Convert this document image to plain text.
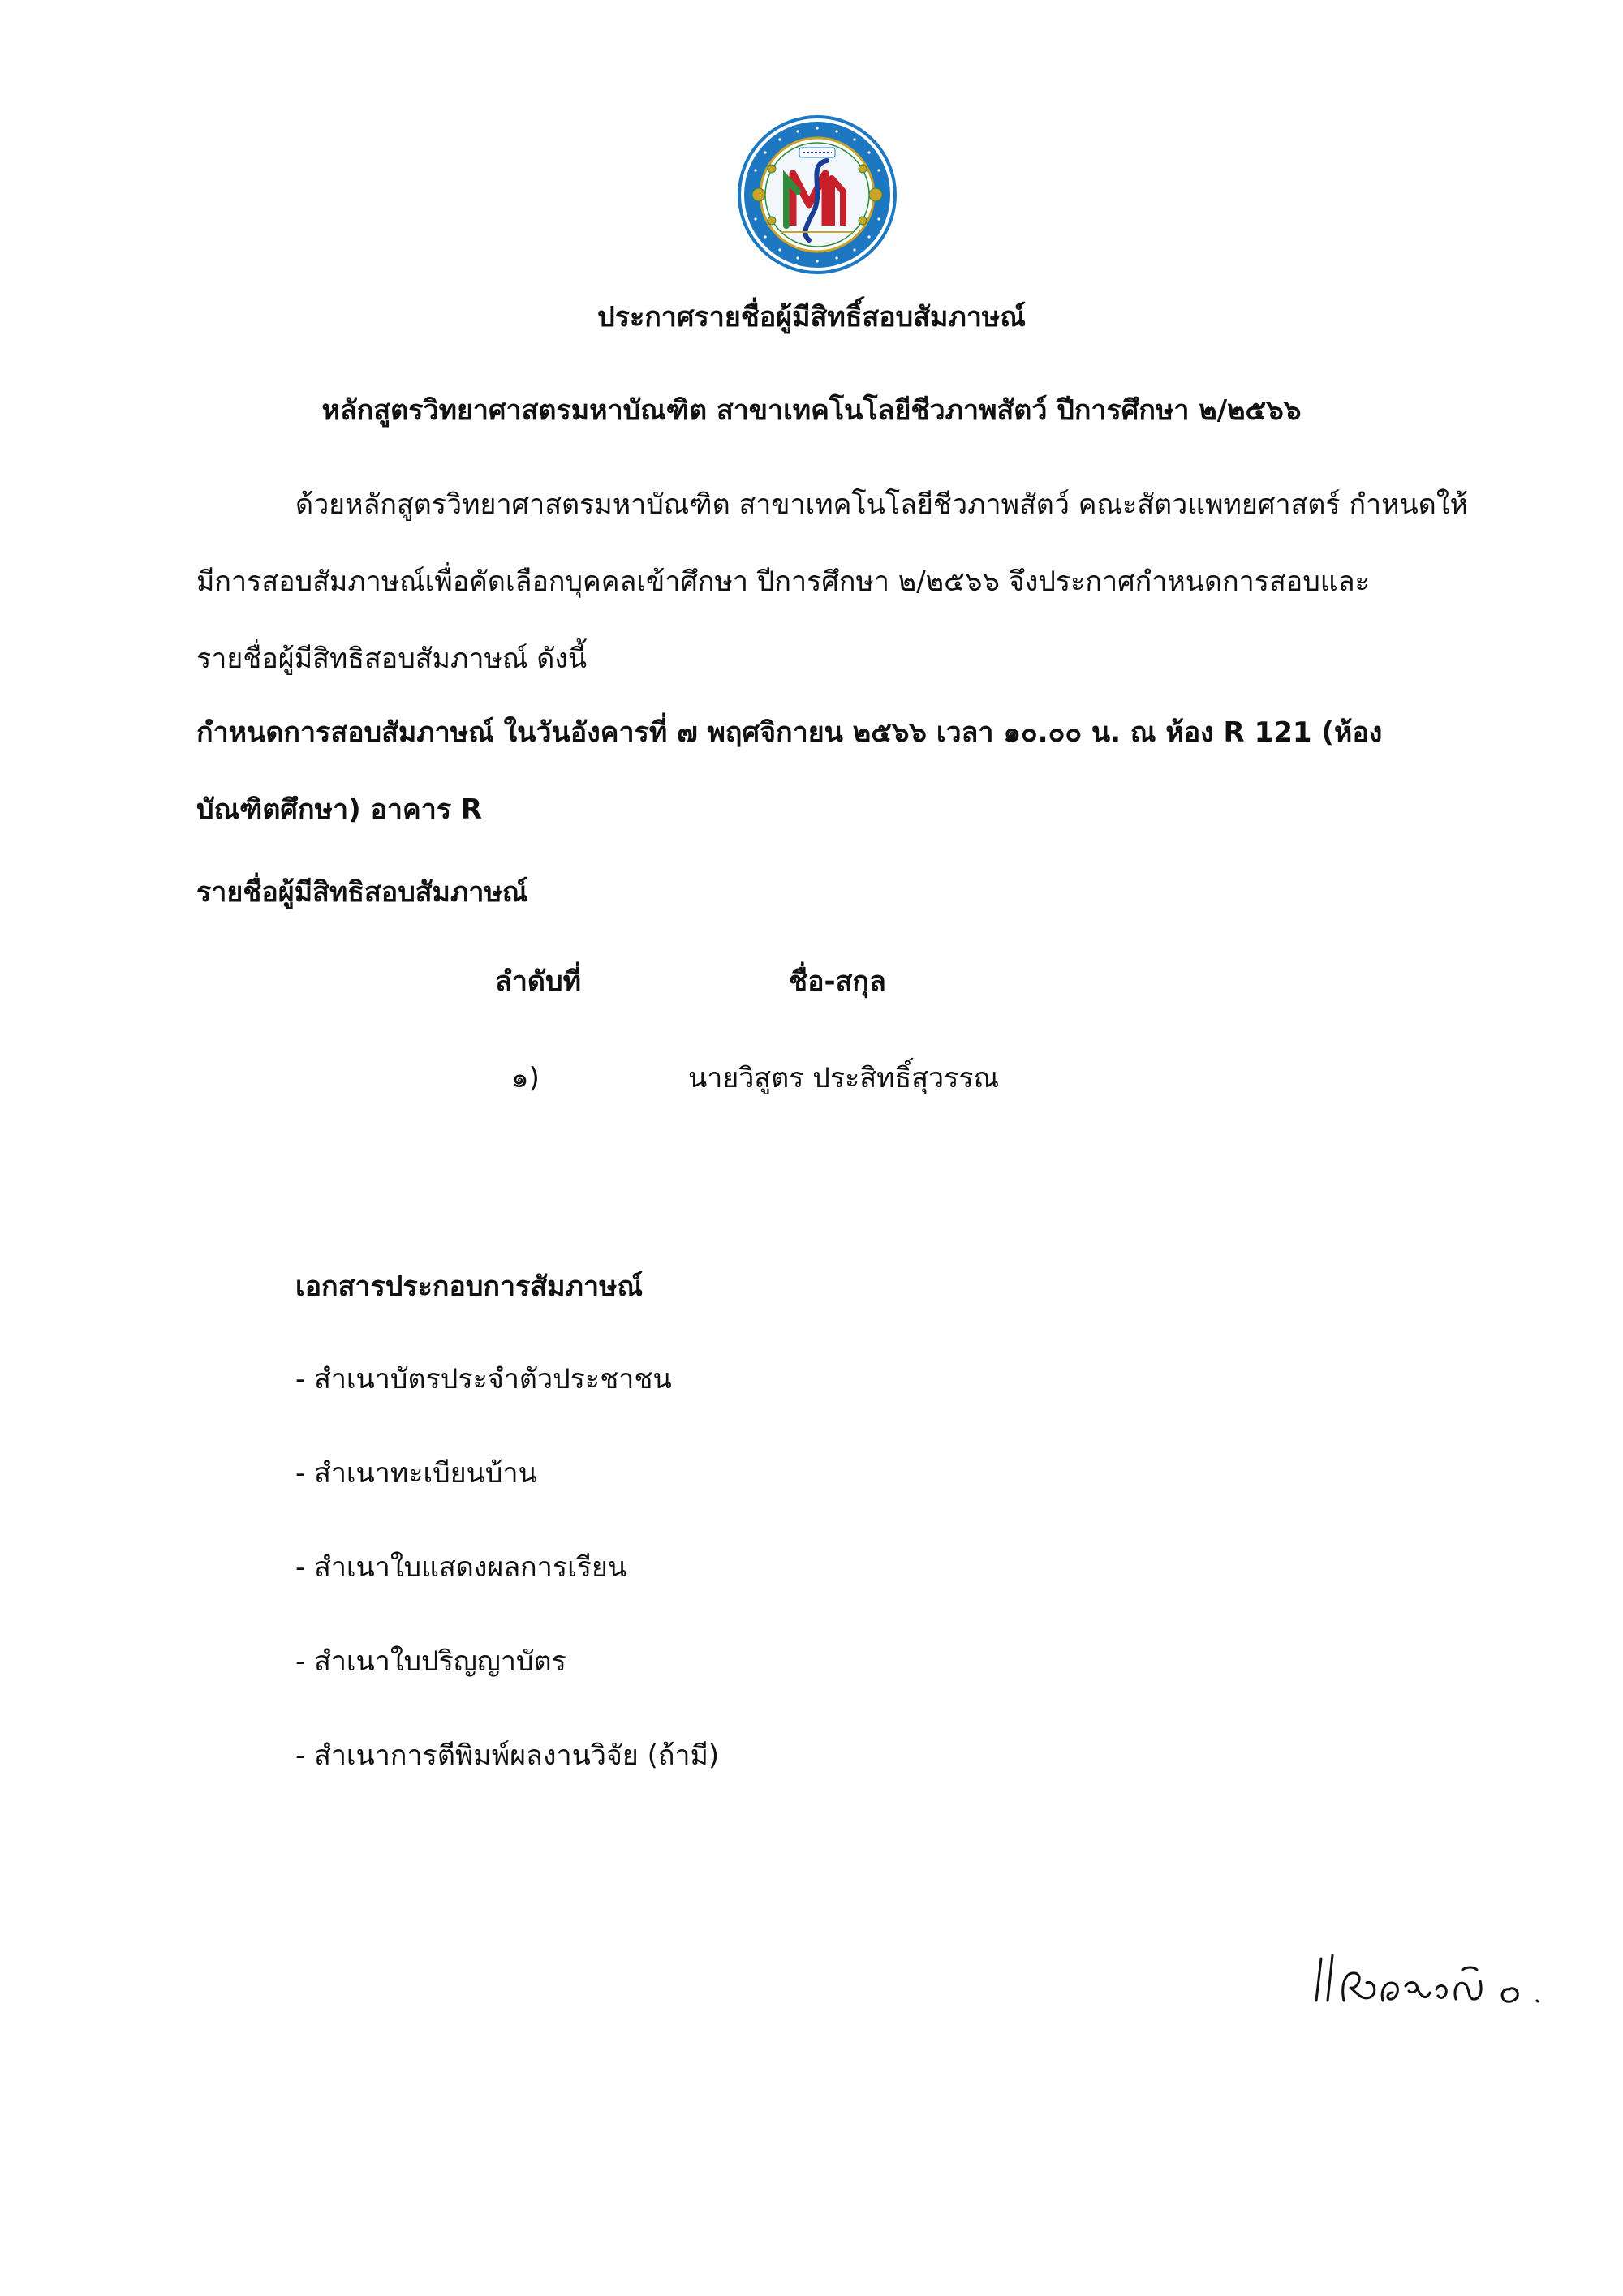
ประกาศรายชื่อผู้มีสิทธิ์สอบสัมภาษณ์
หลักสูตรวิทยาศาสตรมหาบัณฑิต สาขาเทคโนโลยีชีวภาพสัตว์ ปีการศึกษา ๒/๒๕๖๖
ด้วยหลักสูตรวิทยาศาสตรมหาบัณฑิต สาขาเทคโนโลยีชีวภาพสัตว์ คณะสัตวแพทยศาสตร์ กำหนดให้
มีการสอบสัมภาษณ์เพื่อคัดเลือกบุคคลเข้าศึกษา ปีการศึกษา ๒/๒๕๖๖ จึงประกาศกำหนดการสอบและ
รายชื่อผู้มีสิทธิสอบสัมภาษณ์ ดังนี้
กำหนดการสอบสัมภาษณ์ ในวันอังคารที่ ๗ พฤศจิกายน ๒๕๖๖ เวลา ๑๐.๐๐ น. ณ ห้อง R 121 (ห้อง
บัณฑิตศึกษา) อาคาร R
รายชื่อผู้มีสิทธิสอบสัมภาษณ์
ลำดับที่	ชื่อ-สกุล
๑)	นายวิสูตร ประสิทธิ์สุวรรณ
เอกสารประกอบการสัมภาษณ์
- สำเนาบัตรประจำตัวประชาชน
- สำเนาทะเบียนบ้าน
- สำเนาใบแสดงผลการเรียน
- สำเนาใบปริญญาบัตร
- สำเนาการตีพิมพ์ผลงานวิจัย (ถ้ามี)
